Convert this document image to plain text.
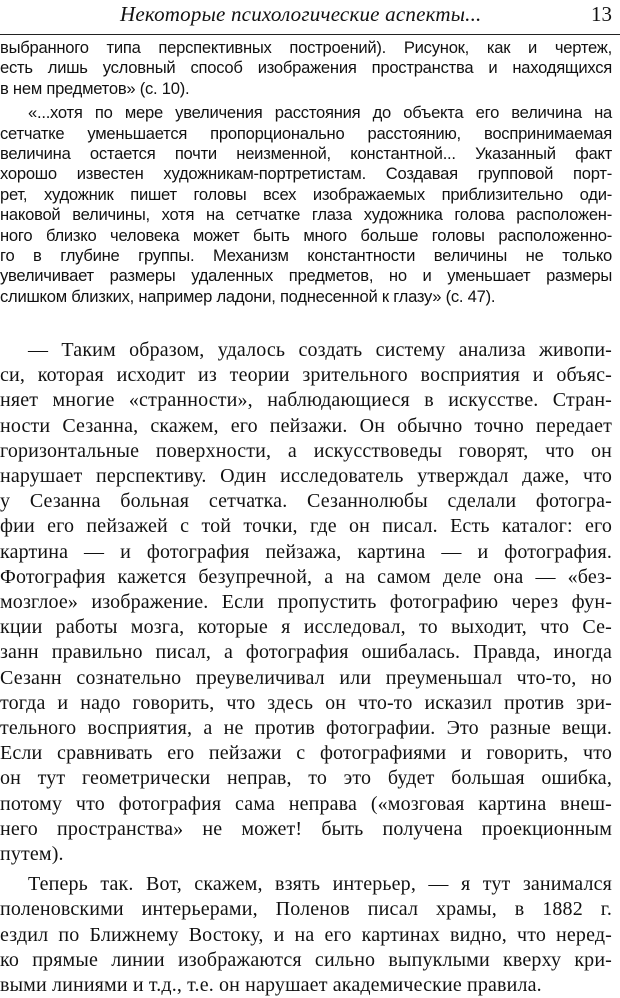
Некоторые психологические аспекты...	13
выбранного типа перспективных построений). Рисунок, как и чертеж,
есть лишь условный способ изображения пространства и находящихся
в нем предметов» (с. 10).
«...хотя по мере увеличения расстояния до объекта его величина на
сетчатке уменьшается пропорционально расстоянию, воспринимаемая
величина остается почти неизменной, константной... Указанный факт
хорошо известен художникам-портретистам. Создавая групповой порт-
рет, художник пишет головы всех изображаемых приблизительно оди-
наковой величины, хотя на сетчатке глаза художника голова расположен-
ного близко человека может быть много больше головы расположенно-
го в глубине группы. Механизм константности величины не только
увеличивает размеры удаленных предметов, но и уменьшает размеры
слишком близких, например ладони, поднесенной к глазу» (с. 47).
— Таким образом, удалось создать систему анализа живопи-
си, которая исходит из теории зрительного восприятия и объяс-
няет многие «странности», наблюдающиеся в искусстве. Стран-
ности Сезанна, скажем, его пейзажи. Он обычно точно передает
горизонтальные поверхности, а искусствоведы говорят, что он
нарушает перспективу. Один исследователь утверждал даже, что
у Сезанна больная сетчатка. Сезаннолюбы сделали фотогра-
фии его пейзажей с той точки, где он писал. Есть каталог: его
картина — и фотография пейзажа, картина — и фотография.
Фотография кажется безупречной, а на самом деле она — «без-
мозглое» изображение. Если пропустить фотографию через фун-
кции работы мозга, которые я исследовал, то выходит, что Се-
занн правильно писал, а фотография ошибалась. Правда, иногда
Сезанн сознательно преувеличивал или преуменьшал что-то, но
тогда и надо говорить, что здесь он что-то исказил против зри-
тельного восприятия, а не против фотографии. Это разные вещи.
Если сравнивать его пейзажи с фотографиями и говорить, что
он тут геометрически неправ, то это будет большая ошибка,
потому что фотография сама неправа («мозговая картина внеш-
него пространства» не может! быть получена проекционным
путем).
Теперь так. Вот, скажем, взять интерьер, — я тут занимался
поленовскими интерьерами, Поленов писал храмы, в 1882 г.
ездил по Ближнему Востоку, и на его картинах видно, что неред-
ко прямые линии изображаются сильно выпуклыми кверху кри-
выми линиями и т.д., т.е. он нарушает академические правила.
